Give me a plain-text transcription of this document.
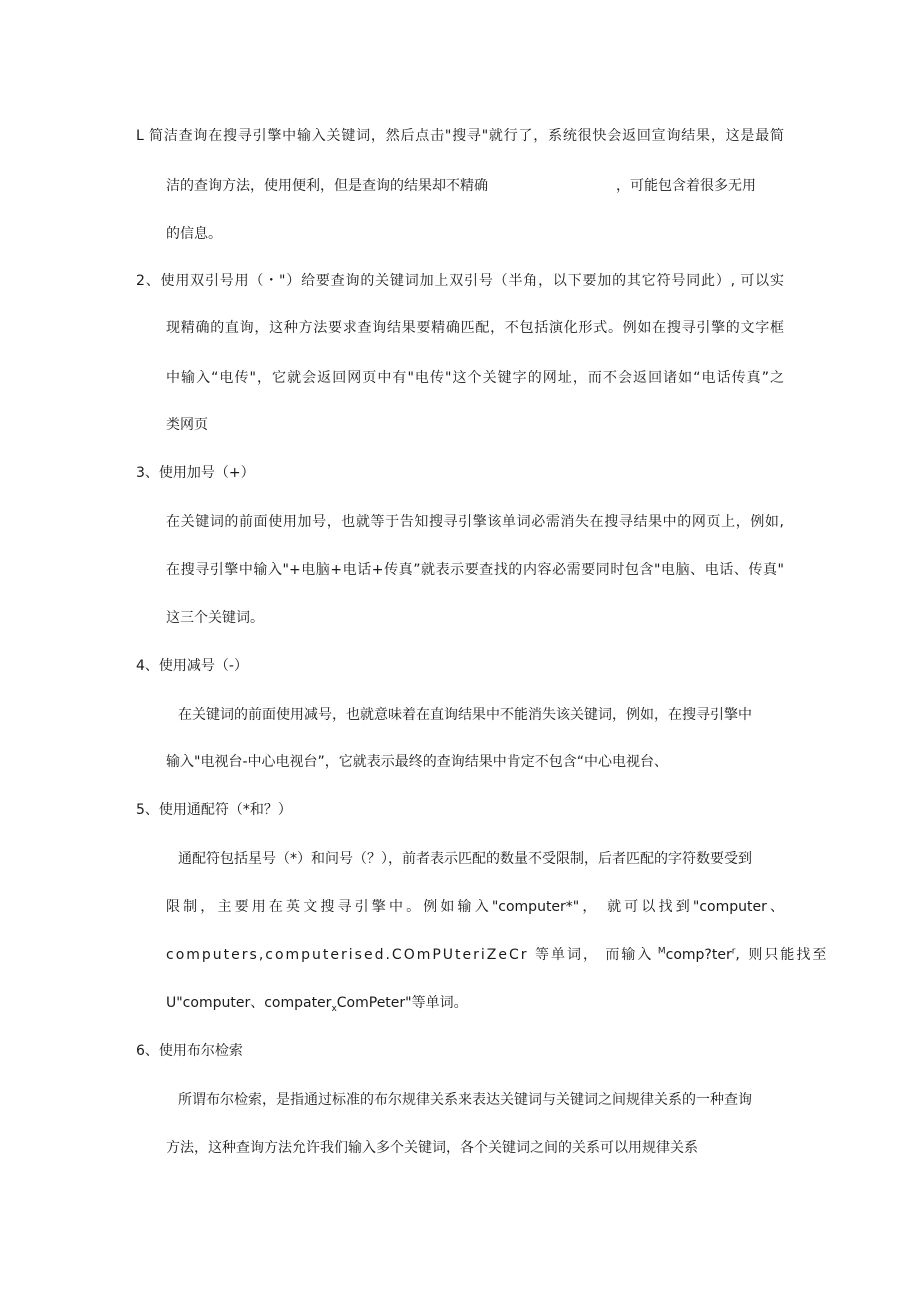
L 简洁查询在搜寻引擎中输入关键词，然后点击"搜寻"就行了，系统很快会返回宣询结果，这是最简
洁的查询方法，使用便利，但是查询的结果却不精确	，可能包含着很多无用
的信息。
2、使用双引号用（・"）给要查询的关键词加上双引号（半角，以下要加的其它符号同此）, 可以实
现精确的直询，这种方法要求查询结果要精确匹配，不包括演化形式。例如在搜寻引擎的文字框
中输入“电传"，它就会返回网页中有"电传"这个关键字的网址，而不会返回诸如“电话传真”之
类网页
3、使用加号（+）
在关键词的前面使用加号，也就等于告知搜寻引擎该单词必需消失在搜寻结果中的网页上，例如,
在搜寻引擎中输入"+电脑+电话+传真”就表示要查找的内容必需要同时包含"电脑、电话、传真"
这三个关键词。
4、使用减号（-）
在关键词的前面使用减号，也就意味着在直询结果中不能消失该关键词，例如，在搜寻引擎中
输入"电视台-中心电视台”，它就表示最终的查询结果中肯定不包含“中心电视台、
5、使用通配符（*和？）
通配符包括星号（*）和问号（？），前者表示匹配的数量不受限制，后者匹配的字符数要受到
限制，主要用在英文搜寻引擎中。例如输入"computer*"， 就可以找到"computer、
computers,computerised.COmPUteriZeCr 等单词， 而输入 $^M$comp?ter$^r$, 则只能找至
U"computer、compater$_x$ComPeter"等单词。
6、使用布尔检索
所谓布尔检索，是指通过标准的布尔规律关系来表达关键词与关键词之间规律关系的一种查询
方法，这种查询方法允许我们输入多个关键词，各个关键词之间的关系可以用规律关系
